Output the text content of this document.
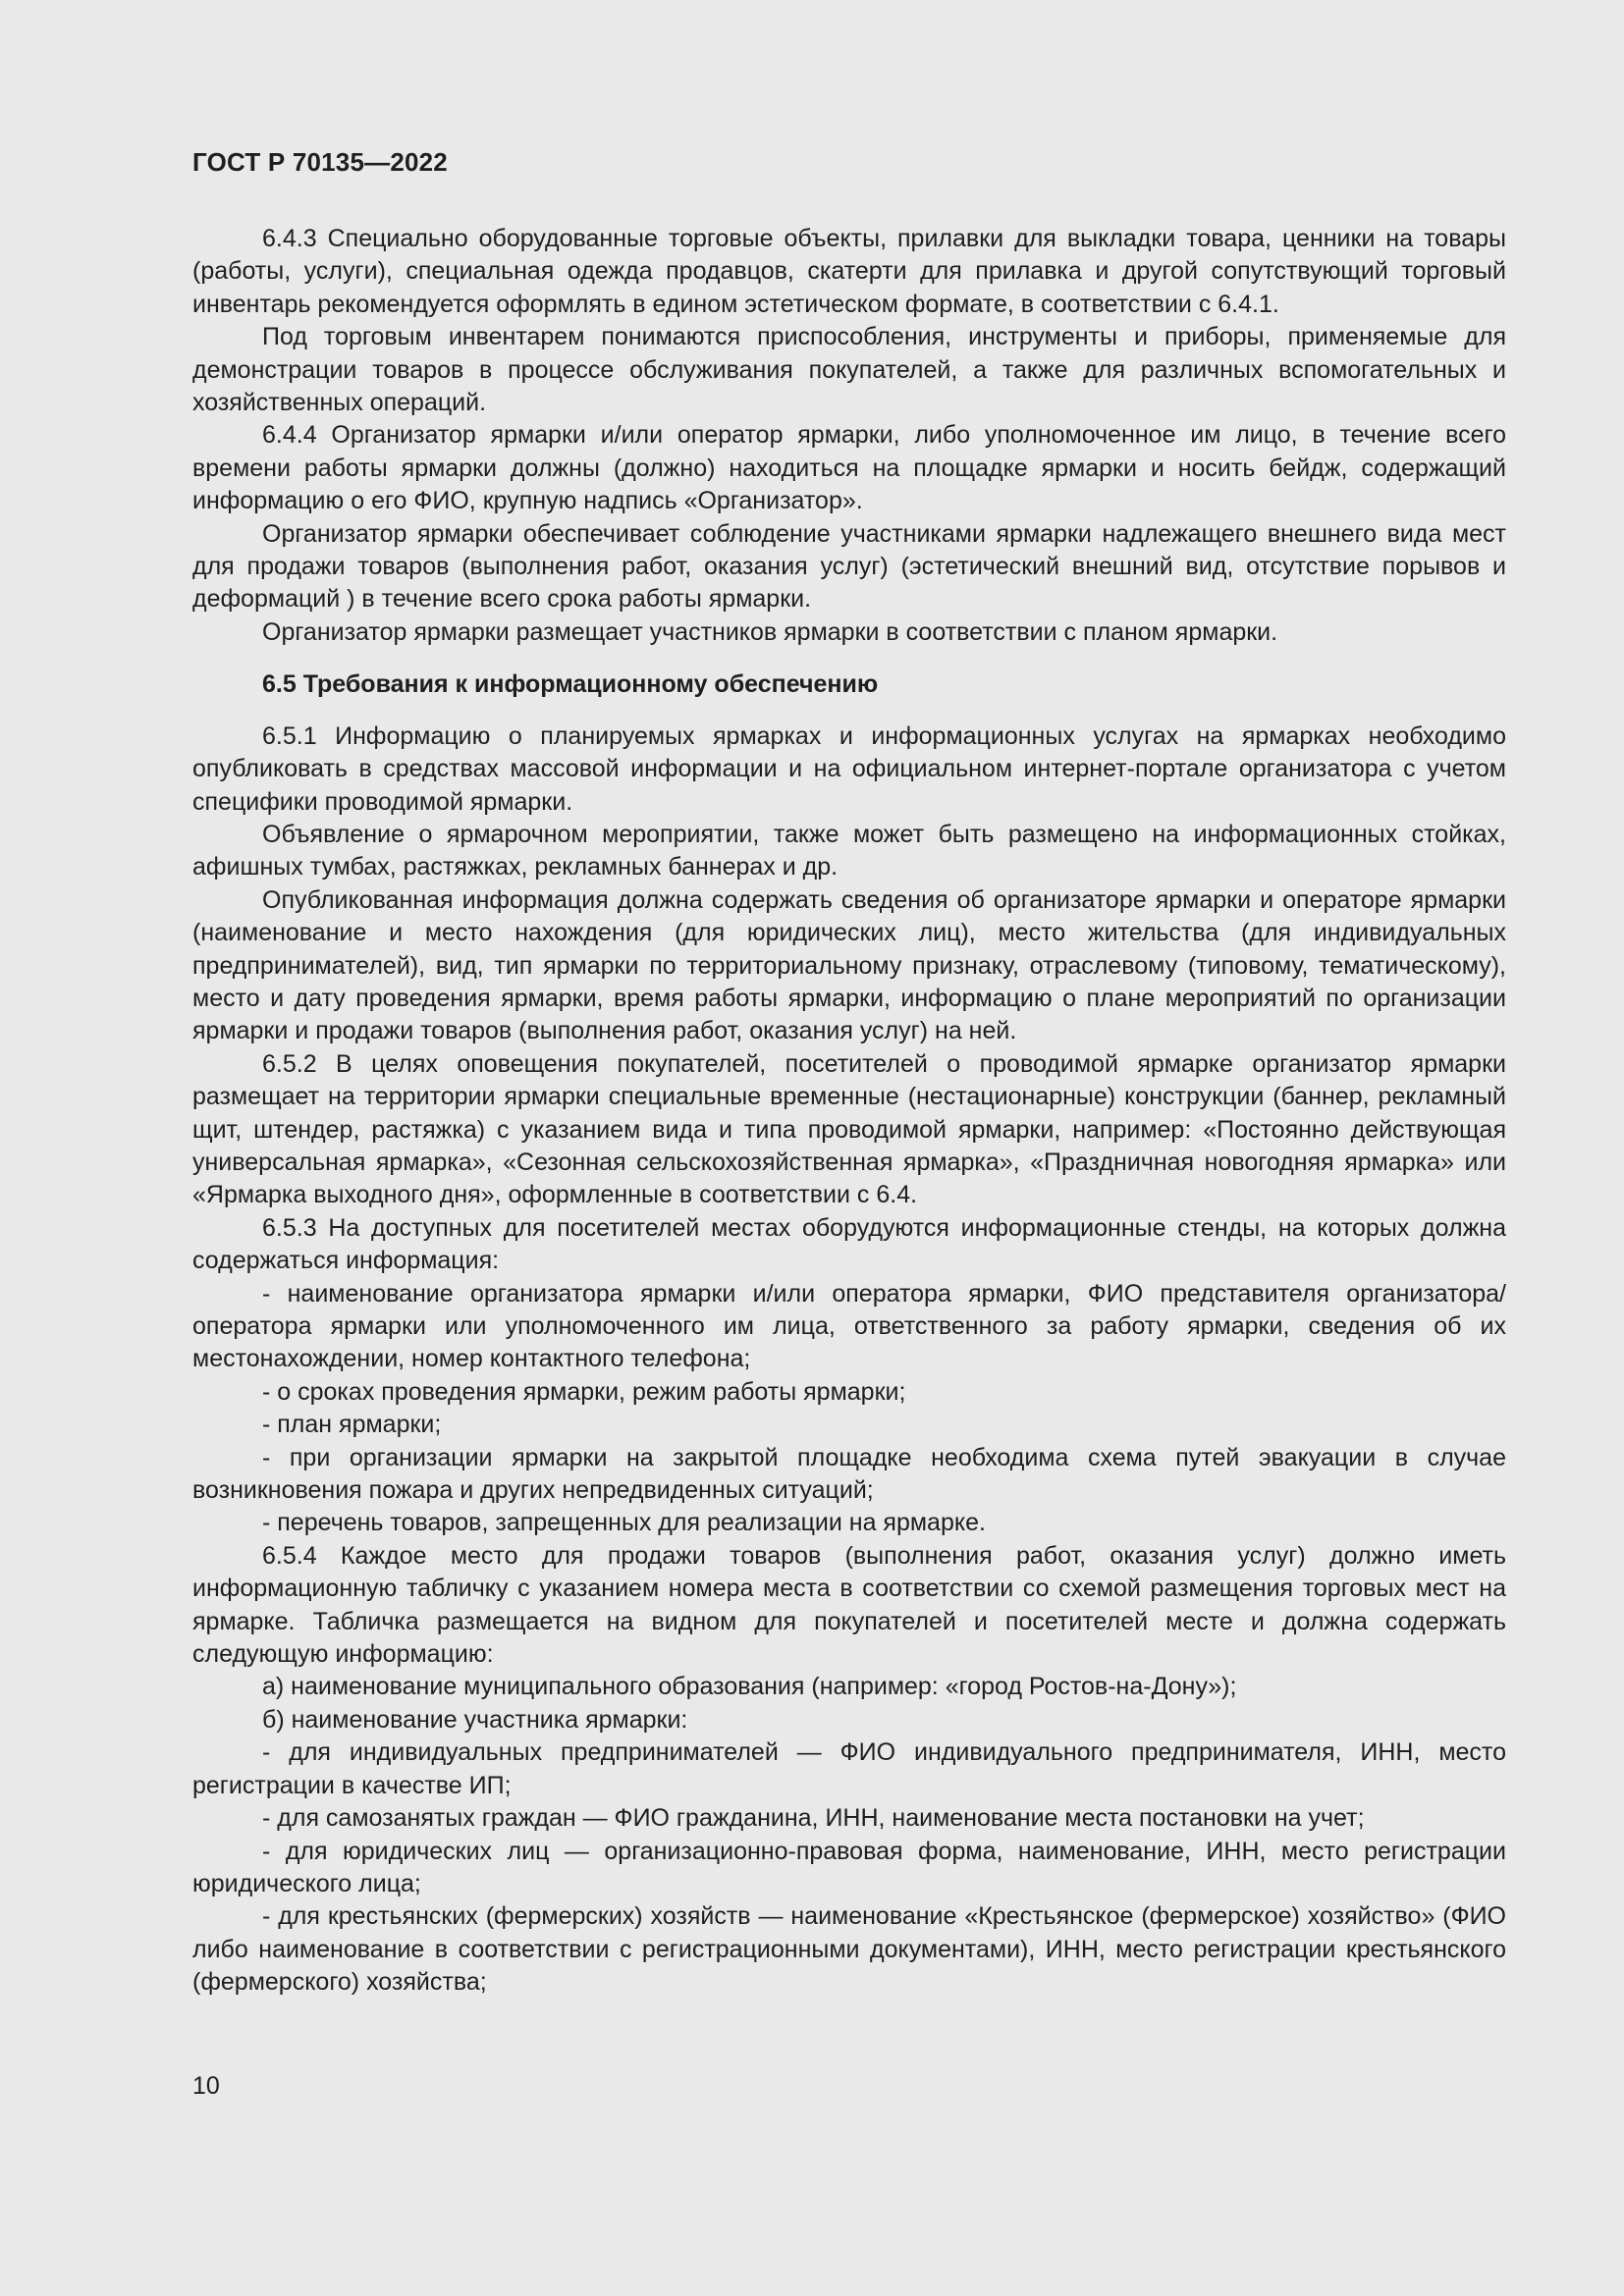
ГОСТ Р 70135—2022

6.4.3 Специально оборудованные торговые объекты, прилавки для выкладки товара, ценники на товары (работы, услуги), специальная одежда продавцов, скатерти для прилавка и другой сопутствующий торговый инвентарь рекомендуется оформлять в едином эстетическом формате, в соответствии с 6.4.1.

Под торговым инвентарем понимаются приспособления, инструменты и приборы, применяемые для демонстрации товаров в процессе обслуживания покупателей, а также для различных вспомогательных и хозяйственных операций.

6.4.4 Организатор ярмарки и/или оператор ярмарки, либо уполномоченное им лицо, в течение всего времени работы ярмарки должны (должно) находиться на площадке ярмарки и носить бейдж, содержащий информацию о его ФИО, крупную надпись «Организатор».

Организатор ярмарки обеспечивает соблюдение участниками ярмарки надлежащего внешнего вида мест для продажи товаров (выполнения работ, оказания услуг) (эстетический внешний вид, отсутствие порывов и деформаций ) в течение всего срока работы ярмарки.

Организатор ярмарки размещает участников ярмарки в соответствии с планом ярмарки.

6.5 Требования к информационному обеспечению

6.5.1 Информацию о планируемых ярмарках и информационных услугах на ярмарках необходимо опубликовать в средствах массовой информации и на официальном интернет-портале организатора с учетом специфики проводимой ярмарки.

Объявление о ярмарочном мероприятии, также может быть размещено на информационных стойках, афишных тумбах, растяжках, рекламных баннерах и др.

Опубликованная информация должна содержать сведения об организаторе ярмарки и операторе ярмарки (наименование и место нахождения (для юридических лиц), место жительства (для индивидуальных предпринимателей), вид, тип ярмарки по территориальному признаку, отраслевому (типовому, тематическому), место и дату проведения ярмарки, время работы ярмарки, информацию о плане мероприятий по организации ярмарки и продажи товаров (выполнения работ, оказания услуг) на ней.

6.5.2 В целях оповещения покупателей, посетителей о проводимой ярмарке организатор ярмарки размещает на территории ярмарки специальные временные (нестационарные) конструкции (баннер, рекламный щит, штендер, растяжка) с указанием вида и типа проводимой ярмарки, например: «Постоянно действующая универсальная ярмарка», «Сезонная сельскохозяйственная ярмарка», «Праздничная новогодняя ярмарка» или «Ярмарка выходного дня», оформленные в соответствии с 6.4.

6.5.3 На доступных для посетителей местах оборудуются информационные стенды, на которых должна содержаться информация:

- наименование организатора ярмарки и/или оператора ярмарки, ФИО представителя организатора/оператора ярмарки или уполномоченного им лица, ответственного за работу ярмарки, сведения об их местонахождении, номер контактного телефона;

- о сроках проведения ярмарки, режим работы ярмарки;

- план ярмарки;

- при организации ярмарки на закрытой площадке необходима схема путей эвакуации в случае возникновения пожара и других непредвиденных ситуаций;

- перечень товаров, запрещенных для реализации на ярмарке.

6.5.4 Каждое место для продажи товаров (выполнения работ, оказания услуг) должно иметь информационную табличку с указанием номера места в соответствии со схемой размещения торговых мест на ярмарке. Табличка размещается на видном для покупателей и посетителей месте и должна содержать следующую информацию:

а) наименование муниципального образования (например: «город Ростов-на-Дону»);

б) наименование участника ярмарки:

- для индивидуальных предпринимателей — ФИО индивидуального предпринимателя, ИНН, место регистрации в качестве ИП;

- для самозанятых граждан — ФИО гражданина, ИНН, наименование места постановки на учет;

- для юридических лиц — организационно-правовая форма, наименование, ИНН, место регистрации юридического лица;

- для крестьянских (фермерских) хозяйств — наименование «Крестьянское (фермерское) хозяйство» (ФИО либо наименование в соответствии с регистрационными документами), ИНН, место регистрации крестьянского (фермерского) хозяйства;

10
